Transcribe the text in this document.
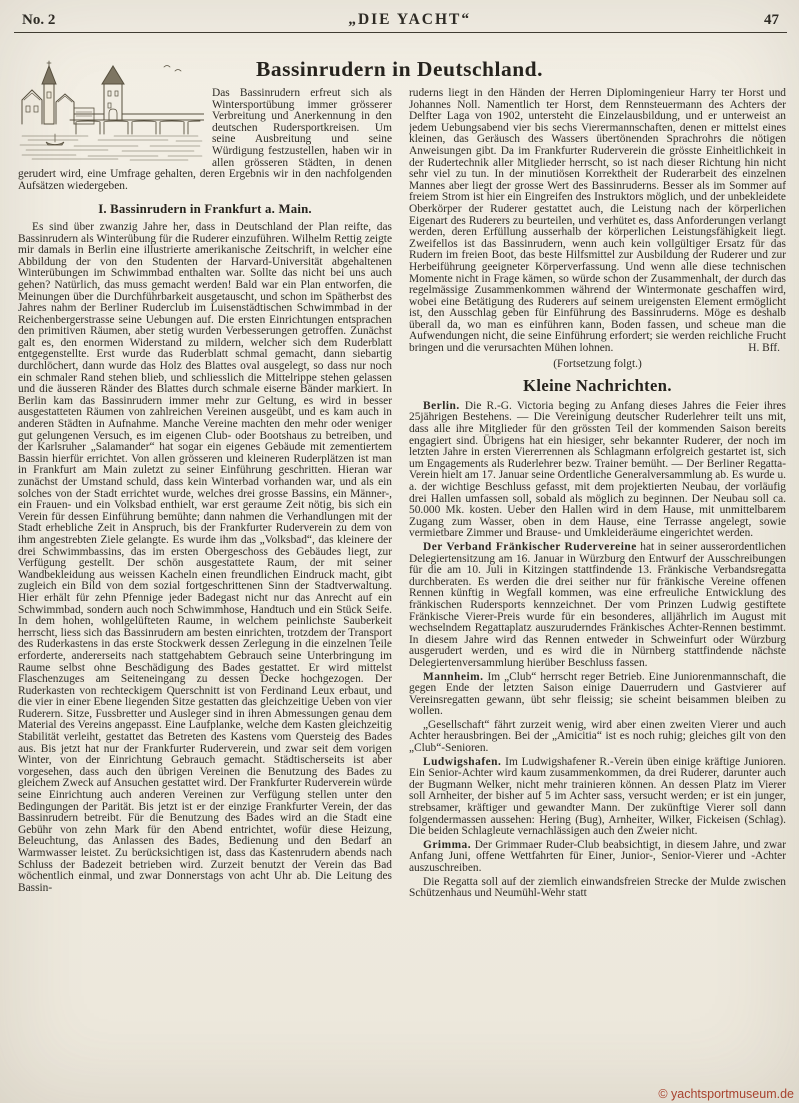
No. 2	„DIE YACHT“	47
Bassinrudern in Deutschland.

Das Bassinrudern erfreut sich als Wintersportübung immer grösserer Verbreitung und Anerkennung in den deutschen Rudersportkreisen. Um seine Ausbreitung und seine Würdigung festzustellen, haben wir in allen grösseren Städten, in denen gerudert wird, eine Umfrage gehalten, deren Ergebnis wir in den nachfolgenden Aufsätzen wiedergeben.

I. Bassinrudern in Frankfurt a. Main.

Es sind über zwanzig Jahre her, dass in Deutschland der Plan reifte, das Bassinrudern als Winterübung für die Ruderer einzuführen. Wilhelm Rettig zeigte mir damals in Berlin eine illustrierte amerikanische Zeitschrift, in welcher eine Abbildung der von den Studenten der Harvard-Universität abgehaltenen Winterübungen im Schwimmbad enthalten war. Sollte das nicht bei uns auch gehen? Natürlich, das muss gemacht werden! Bald war ein Plan entworfen, die Meinungen über die Durchführbarkeit ausgetauscht, und schon im Spätherbst des Jahres nahm der Berliner Ruderclub im Luisenstädtischen Schwimmbad in der Reichenbergerstrasse seine Uebungen auf. Die ersten Einrichtungen entsprachen den primitiven Räumen, aber stetig wurden Verbesserungen getroffen. Zunächst galt es, den enormen Widerstand zu mildern, welcher sich dem Ruderblatt entgegenstellte. Erst wurde das Ruderblatt schmal gemacht, dann siebartig durchlöchert, dann wurde das Holz des Blattes oval ausgelegt, so dass nur noch ein schmaler Rand stehen blieb, und schliesslich die Mittelrippe stehen gelassen und die äusseren Ränder des Blattes durch schmale eiserne Bänder markiert. In Berlin kam das Bassinrudern immer mehr zur Geltung, es wird in besser ausgestatteten Räumen von zahlreichen Vereinen ausgeübt, und es kam auch in anderen Städten in Aufnahme. Manche Vereine machten den mehr oder weniger gut gelungenen Versuch, es im eigenen Club- oder Bootshaus zu betreiben, und der Karlsruher „Salamander“ hat sogar ein eigenes Gebäude mit zementiertem Bassin hierfür errichtet. Von allen grösseren und kleineren Ruderplätzen ist man in Frankfurt am Main zuletzt zu seiner Einführung geschritten. Hieran war zunächst der Umstand schuld, dass kein Winterbad vorhanden war, und als ein solches von der Stadt errichtet wurde, welches drei grosse Bassins, ein Männer-, ein Frauen- und ein Volksbad enthielt, war erst geraume Zeit nötig, bis sich ein Verein für dessen Einführung bemühte; dann nahmen die Verhandlungen mit der Stadt erhebliche Zeit in Anspruch, bis der Frankfurter Ruderverein zu dem von ihm angestrebten Ziele gelangte. Es wurde ihm das „Volksbad“, das kleinere der drei Schwimmbassins, das im ersten Obergeschoss des Gebäudes liegt, zur Verfügung gestellt. Der schön ausgestattete Raum, der mit seiner Wandbekleidung aus weissen Kacheln einen freundlichen Eindruck macht, gibt zugleich ein Bild von dem sozial fortgeschrittenen Sinn der Stadtverwaltung. Hier erhält für zehn Pfennige jeder Badegast nicht nur das Anrecht auf ein Schwimmbad, sondern auch noch Schwimmhose, Handtuch und ein Stück Seife. In dem hohen, wohlgelüfteten Raume, in welchem peinlichste Sauberkeit herrscht, liess sich das Bassinrudern am besten einrichten, trotzdem der Transport des Ruderkastens in das erste Stockwerk dessen Zerlegung in die einzelnen Teile erforderte, andererseits nach stattgehabtem Gebrauch seine Unterbringung im Raume selbst ohne Beschädigung des Bades gestattet. Er wird mittelst Flaschenzuges am Seiteneingang zu dessen Decke hochgezogen. Der Ruderkasten von rechteckigem Querschnitt ist von Ferdinand Leux erbaut, und die vier in einer Ebene liegenden Sitze gestatten das gleichzeitige Ueben von vier Ruderern. Sitze, Fussbretter und Ausleger sind in ihren Abmessungen genau dem Material des Vereins angepasst. Eine Laufplanke, welche dem Kasten gleichzeitig Stabilität verleiht, gestattet das Betreten des Kastens vom Quersteig des Bades aus. Bis jetzt hat nur der Frankfurter Ruderverein, und zwar seit dem vorigen Winter, von der Einrichtung Gebrauch gemacht. Städtischerseits ist aber vorgesehen, dass auch den übrigen Vereinen die Benutzung des Bades zu gleichem Zweck auf Ansuchen gestattet wird. Der Frankfurter Ruderverein würde seine Einrichtung auch anderen Vereinen zur Verfügung stellen unter den Bedingungen der Parität. Bis jetzt ist er der einzige Frankfurter Verein, der das Bassinrudern betreibt. Für die Benutzung des Bades wird an die Stadt eine Gebühr von zehn Mark für den Abend entrichtet, wofür diese Heizung, Beleuchtung, das Anlassen des Bades, Bedienung und den Bedarf an Warmwasser leistet. Zu berücksichtigen ist, dass das Kastenrudern abends nach Schluss der Badezeit betrieben wird. Zurzeit benutzt der Verein das Bad wöchentlich einmal, und zwar Donnerstags von acht Uhr ab. Die Leitung des Bassin-

ruderns liegt in den Händen der Herren Diplomingenieur Harry ter Horst und Johannes Noll. Namentlich ter Horst, dem Rennsteuermann des Achters der Delfter Laga von 1902, untersteht die Einzelausbildung, und er unterweist an jedem Uebungsabend vier bis sechs Vierermannschaften, denen er mittelst eines kleinen, das Geräusch des Wassers übertönenden Sprachrohrs die nötigen Anweisungen gibt. Da im Frankfurter Ruderverein die grösste Einheitlichkeit in der Rudertechnik aller Mitglieder herrscht, so ist nach dieser Richtung hin nicht sehr viel zu tun. In der minutiösen Korrektheit der Ruderarbeit des einzelnen Mannes aber liegt der grosse Wert des Bassinruderns. Besser als im Sommer auf freiem Strom ist hier ein Eingreifen des Instruktors möglich, und der unbekleidete Oberkörper der Ruderer gestattet auch, die Leistung nach der körperlichen Eigenart des Ruderers zu beurteilen, und verhütet es, dass Anforderungen verlangt werden, deren Erfüllung ausserhalb der körperlichen Leistungsfähigkeit liegt. Zweifellos ist das Bassinrudern, wenn auch kein vollgültiger Ersatz für das Rudern im freien Boot, das beste Hilfsmittel zur Ausbildung der Ruderer und zur Herbeiführung geeigneter Körperverfassung. Und wenn alle diese technischen Momente nicht in Frage kämen, so würde schon der Zusammenhalt, der durch das regelmässige Zusammenkommen während der Wintermonate geschaffen wird, wobei eine Betätigung des Ruderers auf seinem ureigensten Element ermöglicht ist, den Ausschlag geben für Einführung des Bassinruderns. Möge es deshalb überall da, wo man es einführen kann, Boden fassen, und scheue man die Aufwendungen nicht, die seine Einführung erfordert; sie werden reichliche Frucht bringen und die verursachten Mühen lohnen.	H. Bff.
(Fortsetzung folgt.)
Kleine Nachrichten.

Berlin. Die R.-G. Victoria beging zu Anfang dieses Jahres die Feier ihres 25jährigen Bestehens. — Die Vereinigung deutscher Ruderlehrer teilt uns mit, dass alle ihre Mitglieder für den grössten Teil der kommenden Saison bereits engagiert sind. Übrigens hat ein hiesiger, sehr bekannter Ruderer, der noch im letzten Jahre in ersten Viererrennen als Schlagmann erfolgreich gestartet ist, sich um Engagements als Ruderlehrer bezw. Trainer bemüht. — Der Berliner Regatta-Verein hielt am 17. Januar seine Ordentliche Generalversammlung ab. Es wurde u. a. der wichtige Beschluss gefasst, mit dem projektierten Neubau, der vorläufig drei Hallen umfassen soll, sobald als möglich zu beginnen. Der Neubau soll ca. 50.000 Mk. kosten. Ueber den Hallen wird in dem Hause, mit unmittelbarem Zugang zum Wasser, oben in dem Hause, eine Terrasse angelegt, sowie vermietbare Zimmer und Brause- und Umkleideräume eingerichtet werden.

Der Verband Fränkischer Rudervereine hat in seiner ausserordentlichen Delegiertensitzung am 16. Januar in Würzburg den Entwurf der Ausschreibungen für die am 10. Juli in Kitzingen stattfindende 13. Fränkische Verbandsregatta durchberaten. Es werden die drei seither nur für fränkische Vereine offenen Rennen künftig in Wegfall kommen, was eine erfreuliche Entwicklung des fränkischen Rudersports kennzeichnet. Der vom Prinzen Ludwig gestiftete Fränkische Vierer-Preis wurde für ein besonderes, alljährlich im August mit wechselndem Regattaplatz auszuruderndes Fränkisches Achter-Rennen bestimmt. In diesem Jahre wird das Rennen entweder in Schweinfurt oder Würzburg ausgerudert werden, und es wird die in Nürnberg stattfindende nächste Delegiertenversammlung hierüber Beschluss fassen.

Mannheim. Im „Club“ herrscht reger Betrieb. Eine Juniorenmannschaft, die gegen Ende der letzten Saison einige Dauerrudern und Gastvierer auf Vereinsregatten gewann, übt sehr fleissig; sie scheint beisammen bleiben zu wollen.

„Gesellschaft“ fährt zurzeit wenig, wird aber einen zweiten Vierer und auch Achter herausbringen. Bei der „Amicitia“ ist es noch ruhig; gleiches gilt von den „Club“-Senioren.

Ludwigshafen. Im Ludwigshafener R.-Verein üben einige kräftige Junioren. Ein Senior-Achter wird kaum zusammenkommen, da drei Ruderer, darunter auch der Bugmann Welker, nicht mehr trainieren können. An dessen Platz im Vierer soll Arnheiter, der bisher auf 5 im Achter sass, versucht werden; er ist ein junger, strebsamer, kräftiger und gewandter Mann. Der zukünftige Vierer soll dann folgendermassen aussehen: Hering (Bug), Arnheiter, Wilker, Fickeisen (Schlag). Die beiden Schlagleute vernachlässigen auch den Zweier nicht.

Grimma. Der Grimmaer Ruder-Club beabsichtigt, in diesem Jahre, und zwar Anfang Juni, offene Wettfahrten für Einer, Junior-, Senior-Vierer und -Achter auszuschreiben.

Die Regatta soll auf der ziemlich einwandsfreien Strecke der Mulde zwischen Schützenhaus und Neumühl-Wehr statt

© yachtsportmuseum.de
